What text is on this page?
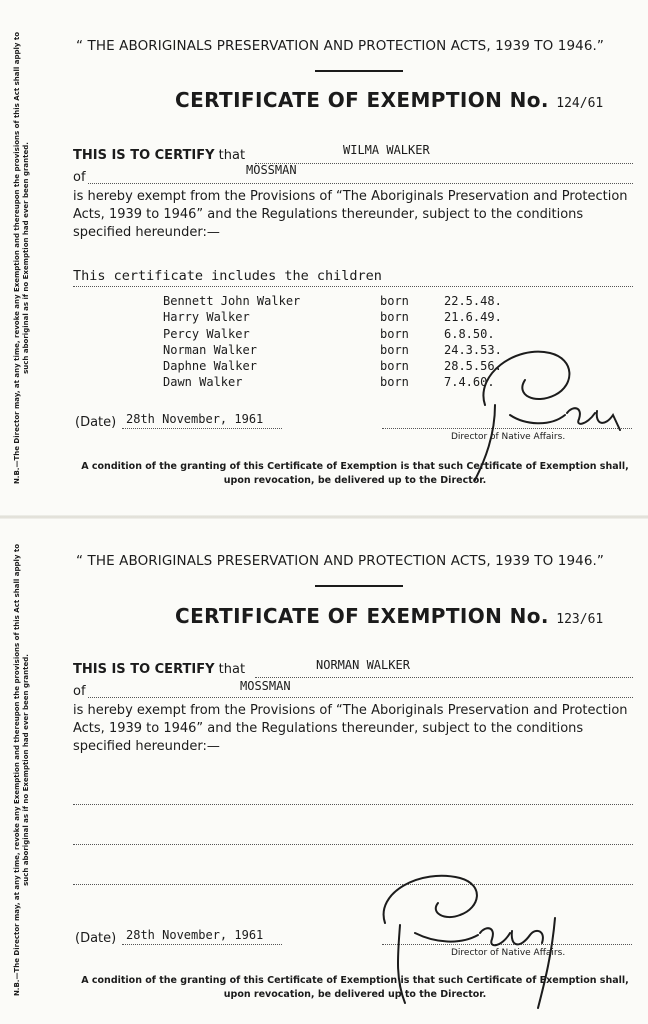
N.B.—The Director may, at any time, revoke any Exemption and thereupon the provisions of this Act shall apply to such aboriginal as if no Exemption had ever been granted.
“ THE ABORIGINALS PRESERVATION AND PROTECTION ACTS, 1939 TO 1946.”
CERTIFICATE OF EXEMPTION No. 124/61
THIS IS TO CERTIFY that	WILMA WALKER
of	MOSSMAN
is hereby exempt from the Provisions of “The Aboriginals Preservation and Protection Acts, 1939 to 1946” and the Regulations thereunder, subject to the conditions specified hereunder:—
This certificate includes the children
Bennett John Walker	born	22.5.48.
Harry Walker	born	21.6.49.
Percy Walker	born	6.8.50.
Norman Walker	born	24.3.53.
Daphne Walker	born	28.5.56.
Dawn Walker	born	7.4.60.
(Date) 28th November, 1961
Director of Native Affairs.
A condition of the granting of this Certificate of Exemption is that such Certificate of Exemption shall, upon revocation, be delivered up to the Director.
N.B.—The Director may, at any time, revoke any Exemption and thereupon the provisions of this Act shall apply to such aboriginal as if no Exemption had ever been granted.
“ THE ABORIGINALS PRESERVATION AND PROTECTION ACTS, 1939 TO 1946.”
CERTIFICATE OF EXEMPTION No. 123/61
THIS IS TO CERTIFY that	NORMAN WALKER
of	MOSSMAN
is hereby exempt from the Provisions of “The Aboriginals Preservation and Protection Acts, 1939 to 1946” and the Regulations thereunder, subject to the conditions specified hereunder:—
(Date) 28th November, 1961
Director of Native Affairs.
A condition of the granting of this Certificate of Exemption is that such Certificate of Exemption shall, upon revocation, be delivered up to the Director.
